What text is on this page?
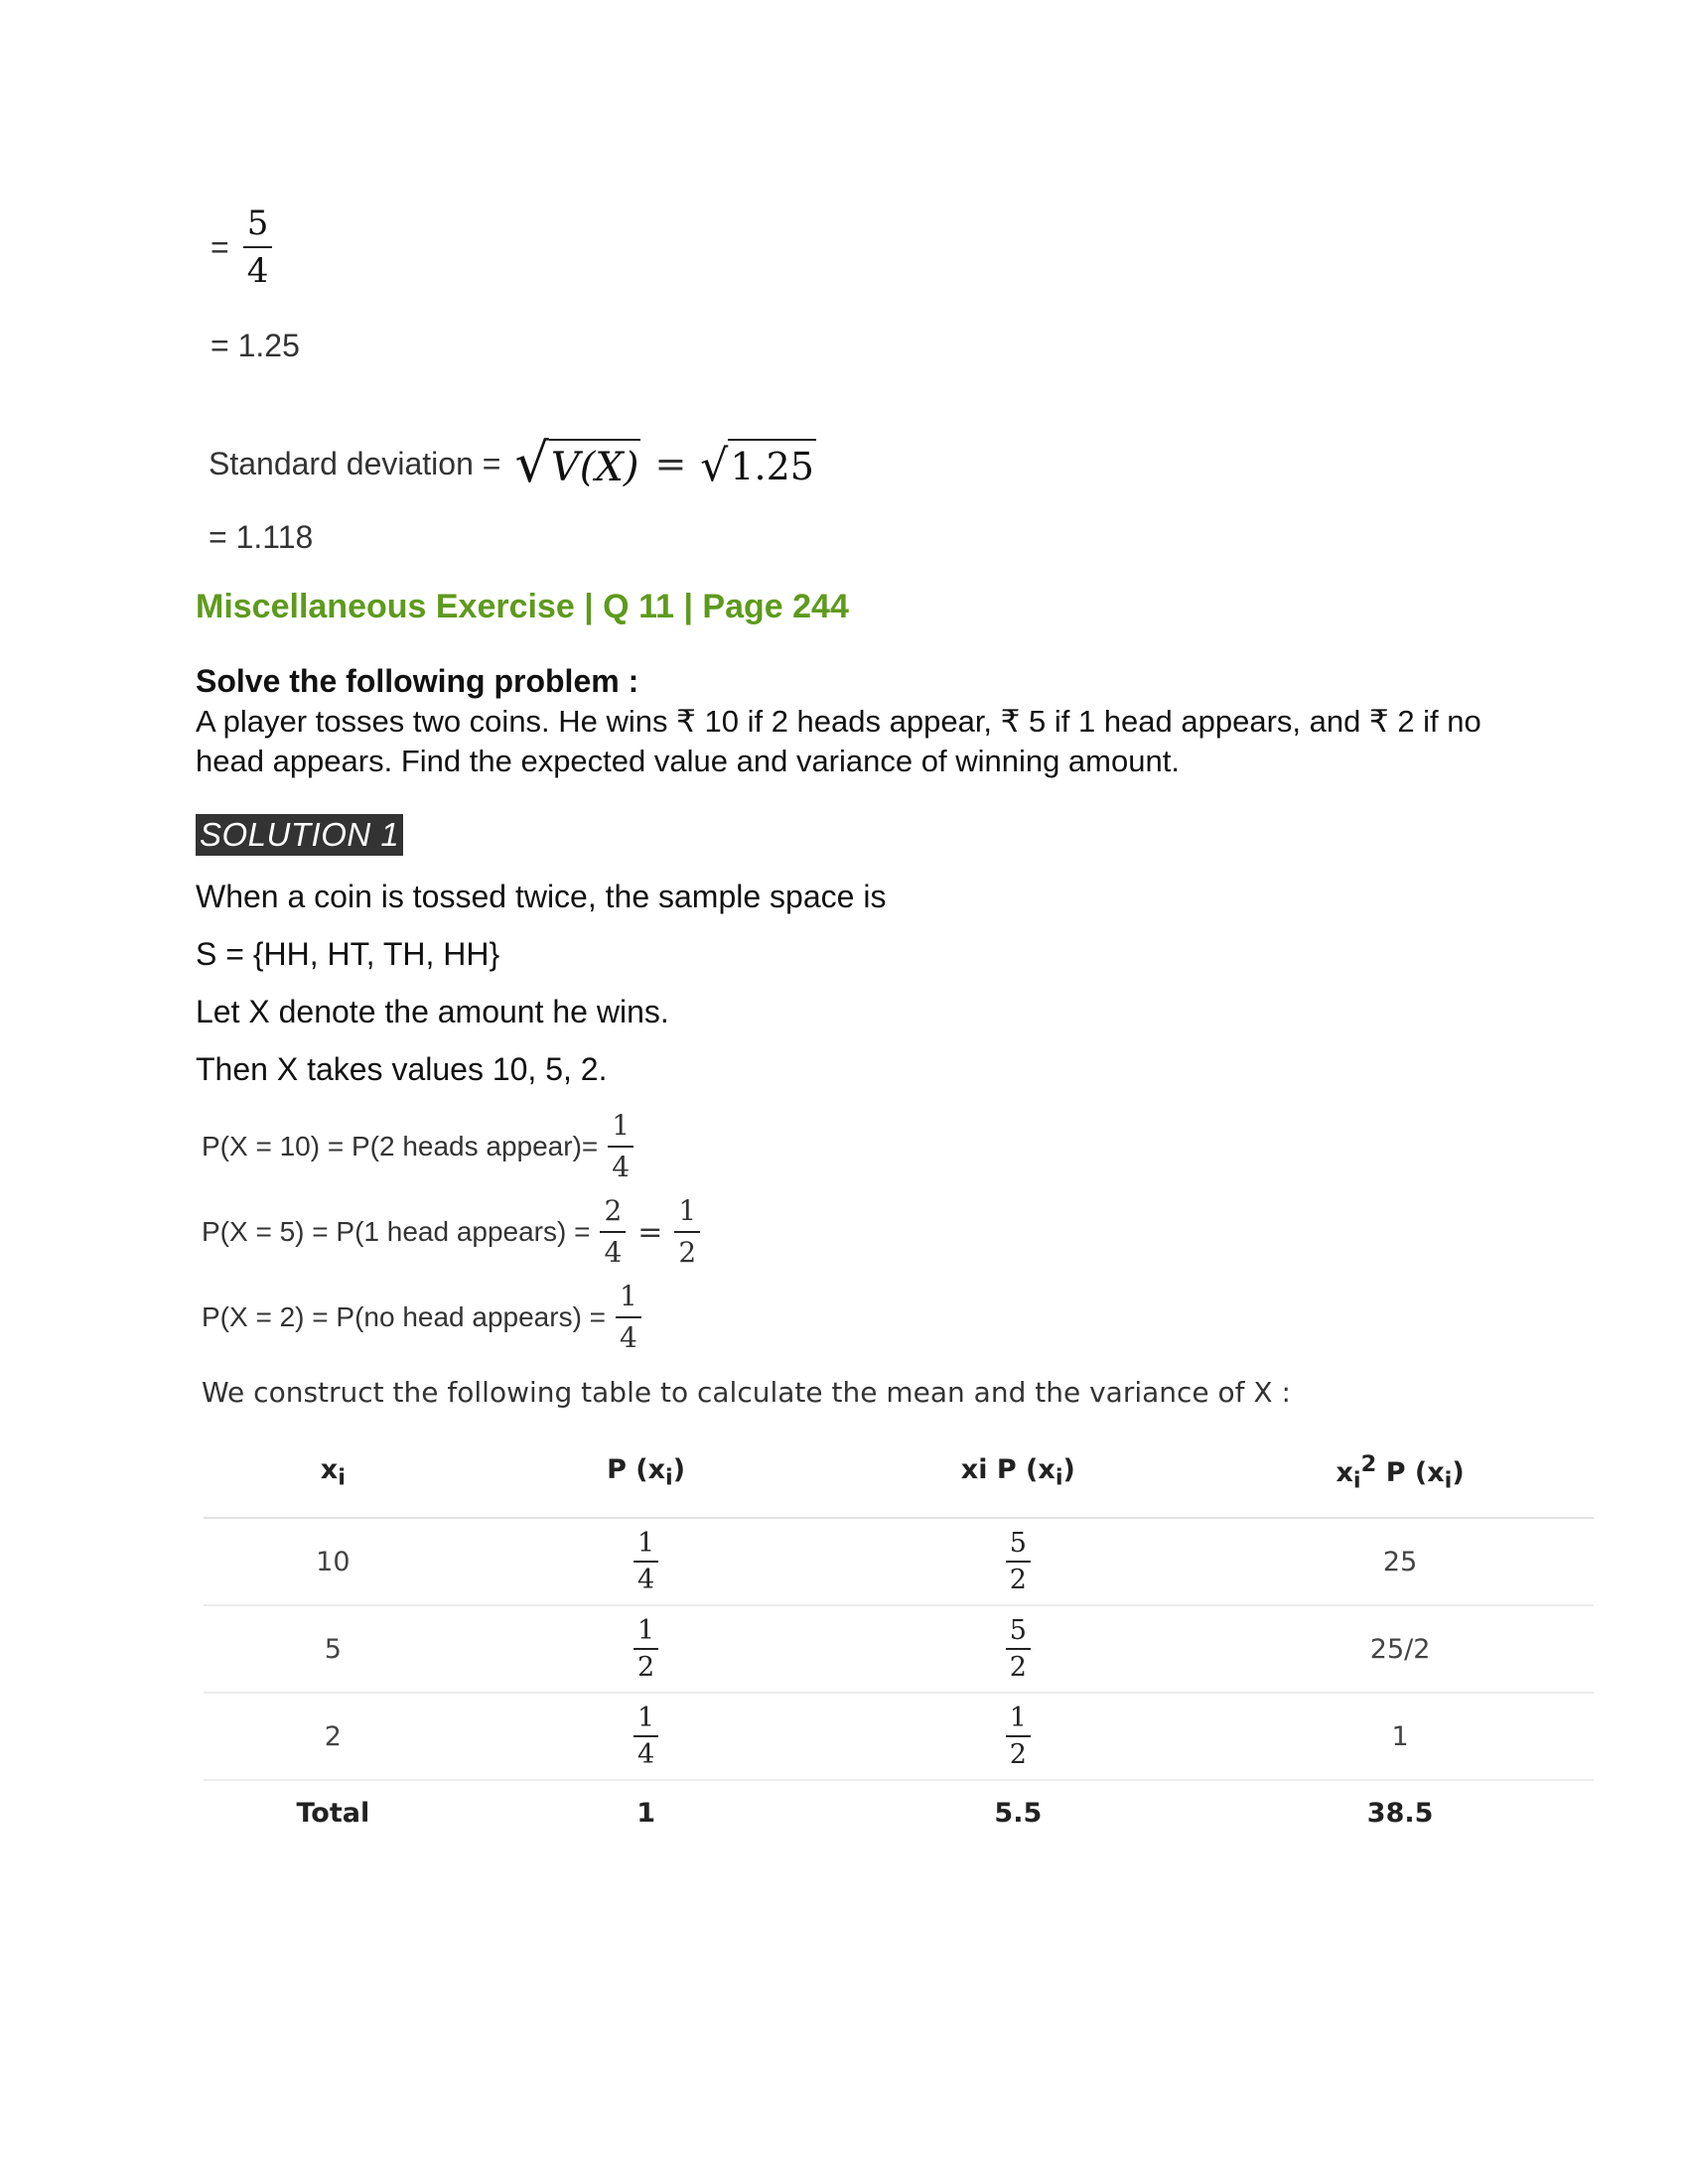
= $\frac{5}{4}$
= 1.25
Standard deviation = √ V(X) = √ 1.25
= 1.118
Miscellaneous Exercise | Q 11 | Page 244
Solve the following problem :
A player tosses two coins. He wins ₹ 10 if 2 heads appear, ₹ 5 if 1 head appears, and ₹ 2 if no head appears. Find the expected value and variance of winning amount.
SOLUTION 1
When a coin is tossed twice, the sample space is
S = {HH, HT, TH, HH}
Let X denote the amount he wins.
Then X takes values 10, 5, 2.
P(X = 10) = P(2 heads appear)= $\frac{1}{4}$
P(X = 5) = P(1 head appears) = $\frac{2}{4} = \frac{1}{2}$
P(X = 2) = P(no head appears) = $\frac{1}{4}$
We construct the following table to calculate the mean and the variance of X :
$x_i$	P $(x_i)$	xi P $(x_i)$	$x_i^2$ P $(x_i)$
10	$\frac{1}{4}$	$\frac{5}{2}$	25
5	$\frac{1}{2}$	$\frac{5}{2}$	25/2
2	$\frac{1}{4}$	$\frac{1}{2}$	1
Total	1	5.5	38.5
